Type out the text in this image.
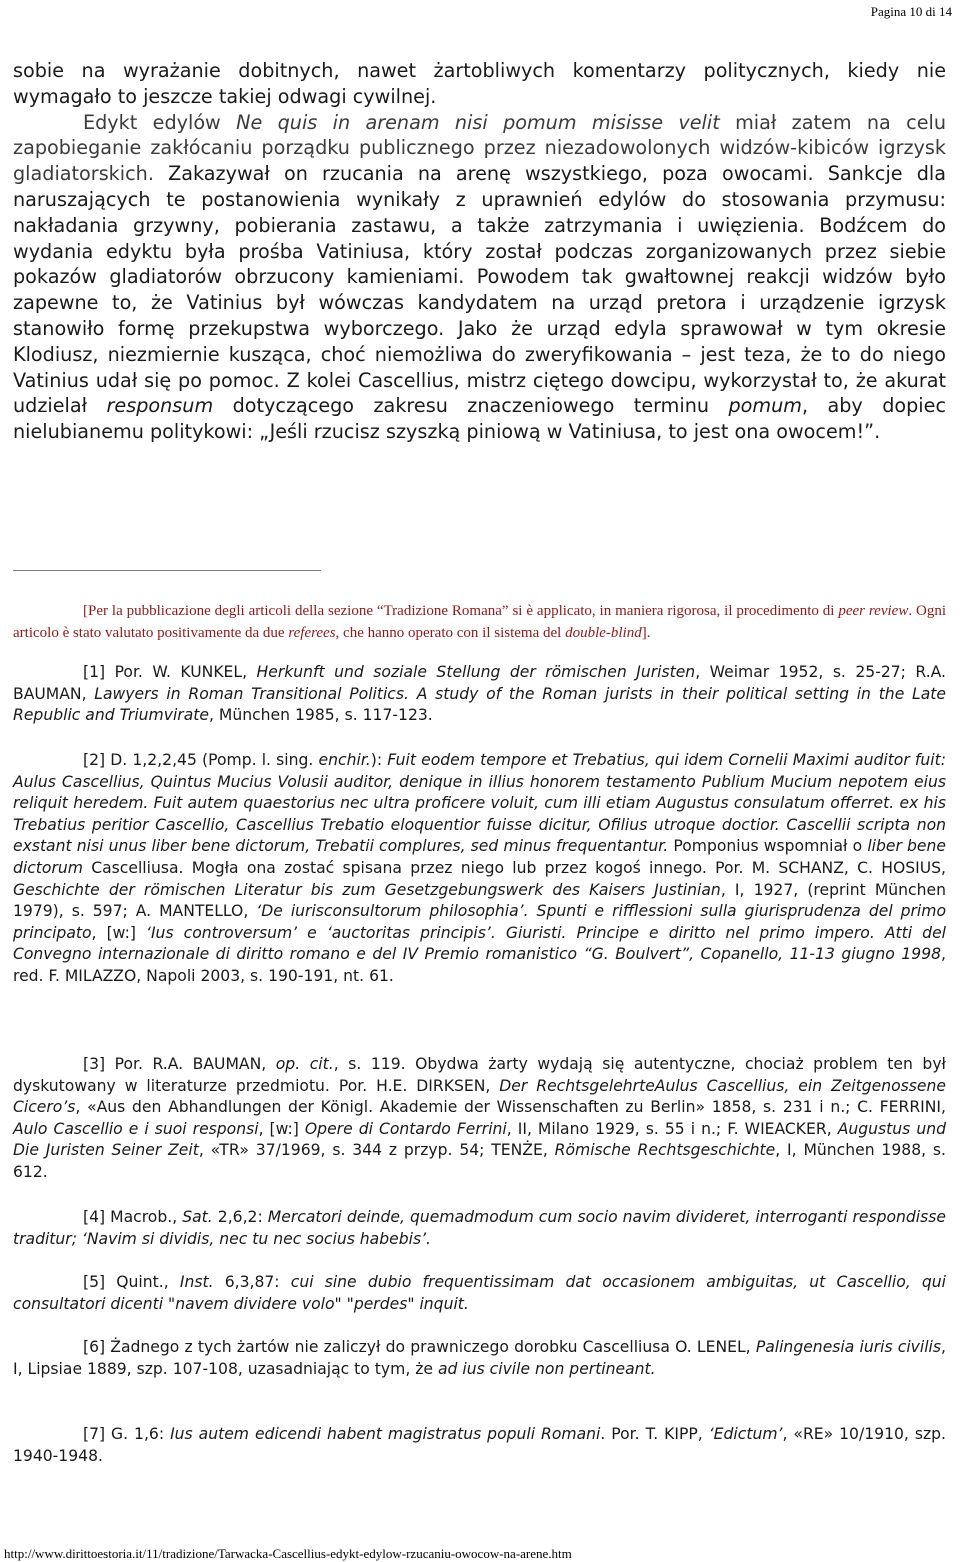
Pagina 10 di 14

sobie na wyrażanie dobitnych, nawet żartobliwych komentarzy politycznych, kiedy nie wymagało to jeszcze takiej odwagi cywilnej.

Edykt edylów Ne quis in arenam nisi pomum misisse velit miał zatem na celu zapobieganie zakłócaniu porządku publicznego przez niezadowolonych widzów-kibiców igrzysk gladiatorskich. Zakazywał on rzucania na arenę wszystkiego, poza owocami. Sankcje dla naruszających te postanowienia wynikały z uprawnień edylów do stosowania przymusu: nakładania grzywny, pobierania zastawu, a także zatrzymania i uwięzienia. Bodźcem do wydania edyktu była prośba Vatiniusa, który został podczas zorganizowanych przez siebie pokazów gladiatorów obrzucony kamieniami. Powodem tak gwałtownej reakcji widzów było zapewne to, że Vatinius był wówczas kandydatem na urząd pretora i urządzenie igrzysk stanowiło formę przekupstwa wyborczego. Jako że urząd edyla sprawował w tym okresie Klodiusz, niezmiernie kusząca, choć niemożliwa do zweryfikowania – jest teza, że to do niego Vatinius udał się po pomoc. Z kolei Cascellius, mistrz ciętego dowcipu, wykorzystał to, że akurat udzielał responsum dotyczącego zakresu znaczeniowego terminu pomum, aby dopiec nielubianemu politykowi: „Jeśli rzucisz szyszką piniową w Vatiniusa, to jest ona owocem!”.

[Per la pubblicazione degli articoli della sezione “Tradizione Romana” si è applicato, in maniera rigorosa, il procedimento di peer review. Ogni articolo è stato valutato positivamente da due referees, che hanno operato con il sistema del double-blind].

[1] Por. W. KUNKEL, Herkunft und soziale Stellung der römischen Juristen, Weimar 1952, s. 25-27; R.A. BAUMAN, Lawyers in Roman Transitional Politics. A study of the Roman jurists in their political setting in the Late Republic and Triumvirate, München 1985, s. 117-123.

[2] D. 1,2,2,45 (Pomp. l. sing. enchir.): Fuit eodem tempore et Trebatius, qui idem Cornelii Maximi auditor fuit: Aulus Cascellius, Quintus Mucius Volusii auditor, denique in illius honorem testamento Publium Mucium nepotem eius reliquit heredem. Fuit autem quaestorius nec ultra proficere voluit, cum illi etiam Augustus consulatum offerret. ex his Trebatius peritior Cascellio, Cascellius Trebatio eloquentior fuisse dicitur, Ofilius utroque doctior. Cascellii scripta non exstant nisi unus liber bene dictorum, Trebatii complures, sed minus frequentantur. Pomponius wspomniał o liber bene dictorum Cascelliusa. Mogła ona zostać spisana przez niego lub przez kogoś innego. Por. M. SCHANZ, C. HOSIUS, Geschichte der römischen Literatur bis zum Gesetzgebungswerk des Kaisers Justinian, I, 1927, (reprint München 1979), s. 597; A. MANTELLO, ‘De iurisconsultorum philosophia’. Spunti e rifflessioni sulla giurisprudenza del primo principato, [w:] ‘Ius controversum’ e ‘auctoritas principis’. Giuristi. Principe e diritto nel primo impero. Atti del Convegno internazionale di diritto romano e del IV Premio romanistico “G. Boulvert”, Copanello, 11-13 giugno 1998, red. F. MILAZZO, Napoli 2003, s. 190-191, nt. 61.

[3] Por. R.A. BAUMAN, op. cit., s. 119. Obydwa żarty wydają się autentyczne, chociaż problem ten był dyskutowany w literaturze przedmiotu. Por. H.E. DIRKSEN, Der RechtsgelehrteAulus Cascellius, ein Zeitgenossene Cicero’s, «Aus den Abhandlungen der Königl. Akademie der Wissenschaften zu Berlin» 1858, s. 231 i n.; C. FERRINI, Aulo Cascellio e i suoi responsi, [w:] Opere di Contardo Ferrini, II, Milano 1929, s. 55 i n.; F. WIEACKER, Augustus und Die Juristen Seiner Zeit, «TR» 37/1969, s. 344 z przyp. 54; TENŻE, Römische Rechtsgeschichte, I, München 1988, s. 612.

[4] Macrob., Sat. 2,6,2: Mercatori deinde, quemadmodum cum socio navim divideret, interroganti respondisse traditur; ‘Navim si dividis, nec tu nec socius habebis’.

[5] Quint., Inst. 6,3,87: cui sine dubio frequentissimam dat occasionem ambiguitas, ut Cascellio, qui consultatori dicenti "navem dividere volo" "perdes" inquit.

[6] Żadnego z tych żartów nie zaliczył do prawniczego dorobku Cascelliusa O. LENEL, Palingenesia iuris civilis, I, Lipsiae 1889, szp. 107-108, uzasadniając to tym, że ad ius civile non pertineant.

[7] G. 1,6: Ius autem edicendi habent magistratus populi Romani. Por. T. KIPP, ‘Edictum’, «RE» 10/1910, szp. 1940-1948.

http://www.dirittoestoria.it/11/tradizione/Tarwacka-Cascellius-edykt-edylow-rzucaniu-owocow-na-arene.htm
